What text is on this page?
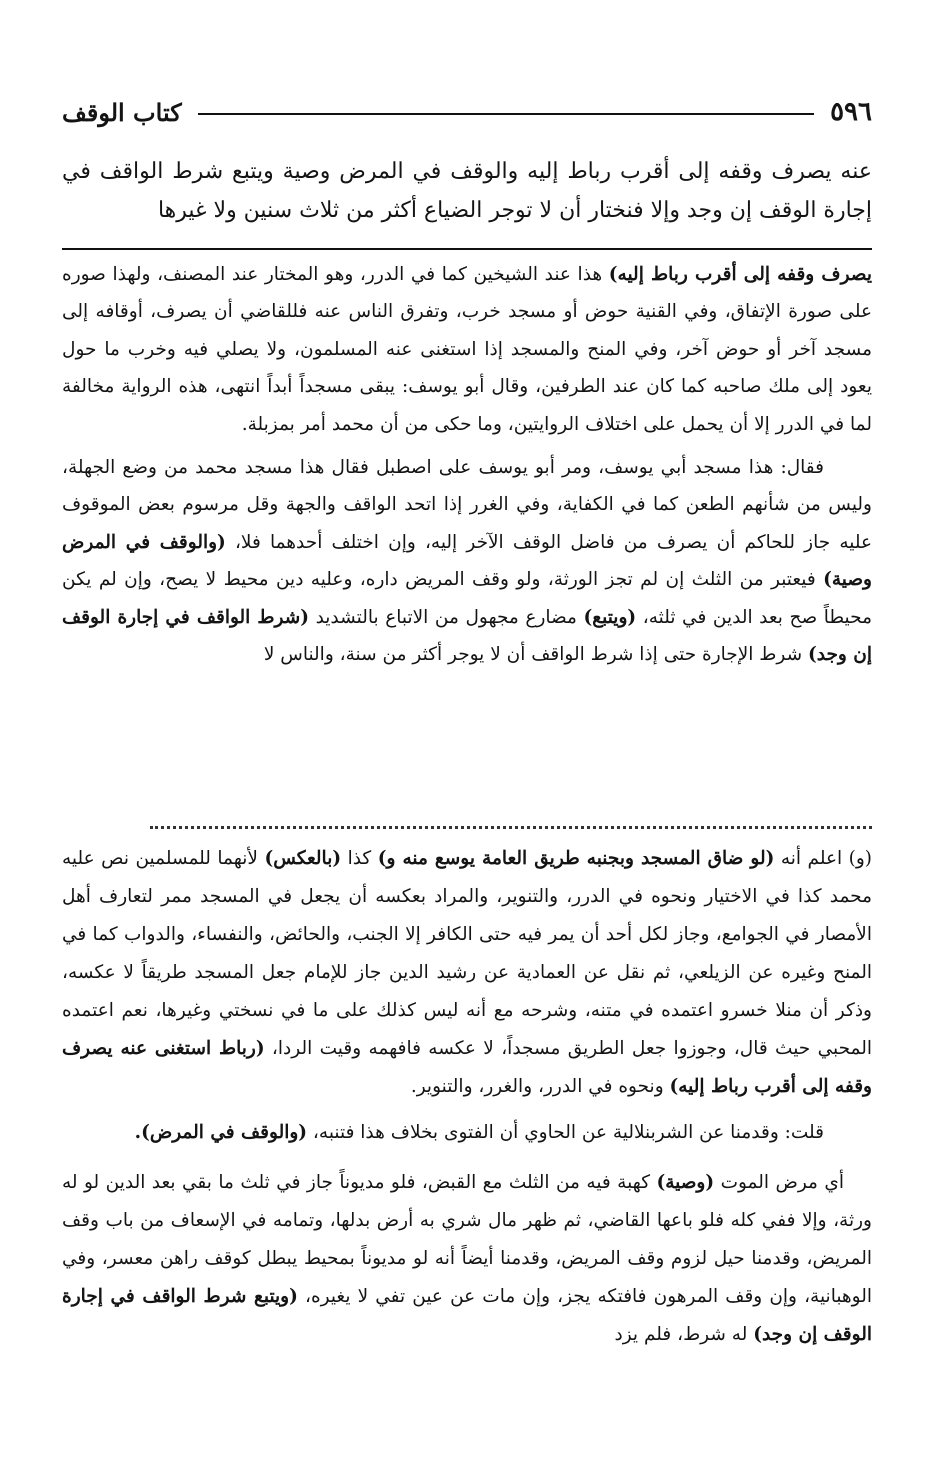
٥٩٦
كتاب الوقف

عنه يصرف وقفه إلى أقرب رباط إليه والوقف في المرض وصية ويتبع شرط الواقف في إجارة الوقف إن وجد وإلا فنختار أن لا توجر الضياع أكثر من ثلاث سنين ولا غيرها

يصرف وقفه إلى أقرب رباط إليه) هذا عند الشيخين كما في الدرر، وهو المختار عند المصنف، ولهذا صوره على صورة الإتفاق، وفي القنية حوض أو مسجد خرب، وتفرق الناس عنه فللقاضي أن يصرف، أوقافه إلى مسجد آخر أو حوض آخر، وفي المنح والمسجد إذا استغنى عنه المسلمون، ولا يصلي فيه وخرب ما حول يعود إلى ملك صاحبه كما كان عند الطرفين، وقال أبو يوسف: يبقى مسجداً أبداً انتهى، هذه الرواية مخالفة لما في الدرر إلا أن يحمل على اختلاف الروايتين، وما حكى من أن محمد أمر بمزبلة.

فقال: هذا مسجد أبي يوسف، ومر أبو يوسف على اصطبل فقال هذا مسجد محمد من وضع الجهلة، وليس من شأنهم الطعن كما في الكفاية، وفي الغرر إذا اتحد الواقف والجهة وقل مرسوم بعض الموقوف عليه جاز للحاكم أن يصرف من فاضل الوقف الآخر إليه، وإن اختلف أحدهما فلا، (والوقف في المرض وصية) فيعتبر من الثلث إن لم تجز الورثة، ولو وقف المريض داره، وعليه دين محيط لا يصح، وإن لم يكن محيطاً صح بعد الدين في ثلثه، (ويتبع) مضارع مجهول من الاتباع بالتشديد (شرط الواقف في إجارة الوقف إن وجد) شرط الإجارة حتى إذا شرط الواقف أن لا يوجر أكثر من سنة، والناس لا

(و) اعلم أنه (لو ضاق المسجد وبجنبه طريق العامة يوسع منه و) كذا (بالعكس) لأنهما للمسلمين نص عليه محمد كذا في الاختيار ونحوه في الدرر، والتنوير، والمراد بعكسه أن يجعل في المسجد ممر لتعارف أهل الأمصار في الجوامع، وجاز لكل أحد أن يمر فيه حتى الكافر إلا الجنب، والحائض، والنفساء، والدواب كما في المنح وغيره عن الزيلعي، ثم نقل عن العمادية عن رشيد الدين جاز للإمام جعل المسجد طريقاً لا عكسه، وذكر أن منلا خسرو اعتمده في متنه، وشرحه مع أنه ليس كذلك على ما في نسختي وغيرها، نعم اعتمده المحبي حيث قال، وجوزوا جعل الطريق مسجداً، لا عكسه فافهمه وقيت الردا، (رباط استغنى عنه يصرف وقفه إلى أقرب رباط إليه) ونحوه في الدرر، والغرر، والتنوير.

قلت: وقدمنا عن الشربنلالية عن الحاوي أن الفتوى بخلاف هذا فتنبه، (والوقف في المرض).

أي مرض الموت (وصية) كهبة فيه من الثلث مع القبض، فلو مديوناً جاز في ثلث ما بقي بعد الدين لو له ورثة، وإلا ففي كله فلو باعها القاضي، ثم ظهر مال شري به أرض بدلها، وتمامه في الإسعاف من باب وقف المريض، وقدمنا حيل لزوم وقف المريض، وقدمنا أيضاً أنه لو مديوناً بمحيط يبطل كوقف راهن معسر، وفي الوهبانية، وإن وقف المرهون فافتكه يجز، وإن مات عن عين تفي لا يغيره، (ويتبع شرط الواقف في إجارة الوقف إن وجد) له شرط، فلم يزد
